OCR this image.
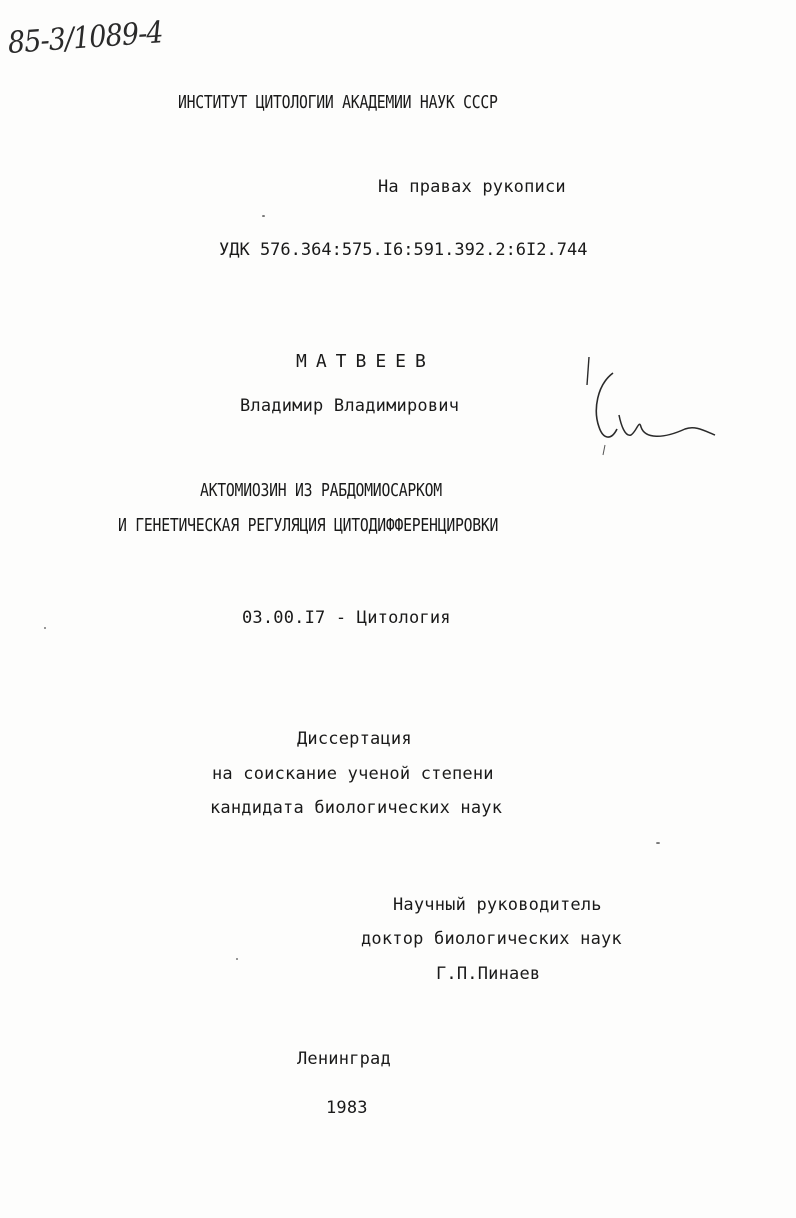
85-3/1089-4
ИНСТИТУТ ЦИТОЛОГИИ АКАДЕМИИ НАУК СССР
На правах рукописи
УДК 576.364:575.I6:591.392.2:6I2.744
МАТВЕЕВ
Владимир Владимирович
АКТОМИОЗИН ИЗ РАБДОМИОСАРКОМ
И ГЕНЕТИЧЕСКАЯ РЕГУЛЯЦИЯ ЦИТОДИФФЕРЕНЦИРОВКИ
03.00.I7 - Цитология
Диссертация
на соискание ученой степени
кандидата биологических наук
Научный руководитель
доктор биологических наук
Г.П.Пинаев
Ленинград
1983
